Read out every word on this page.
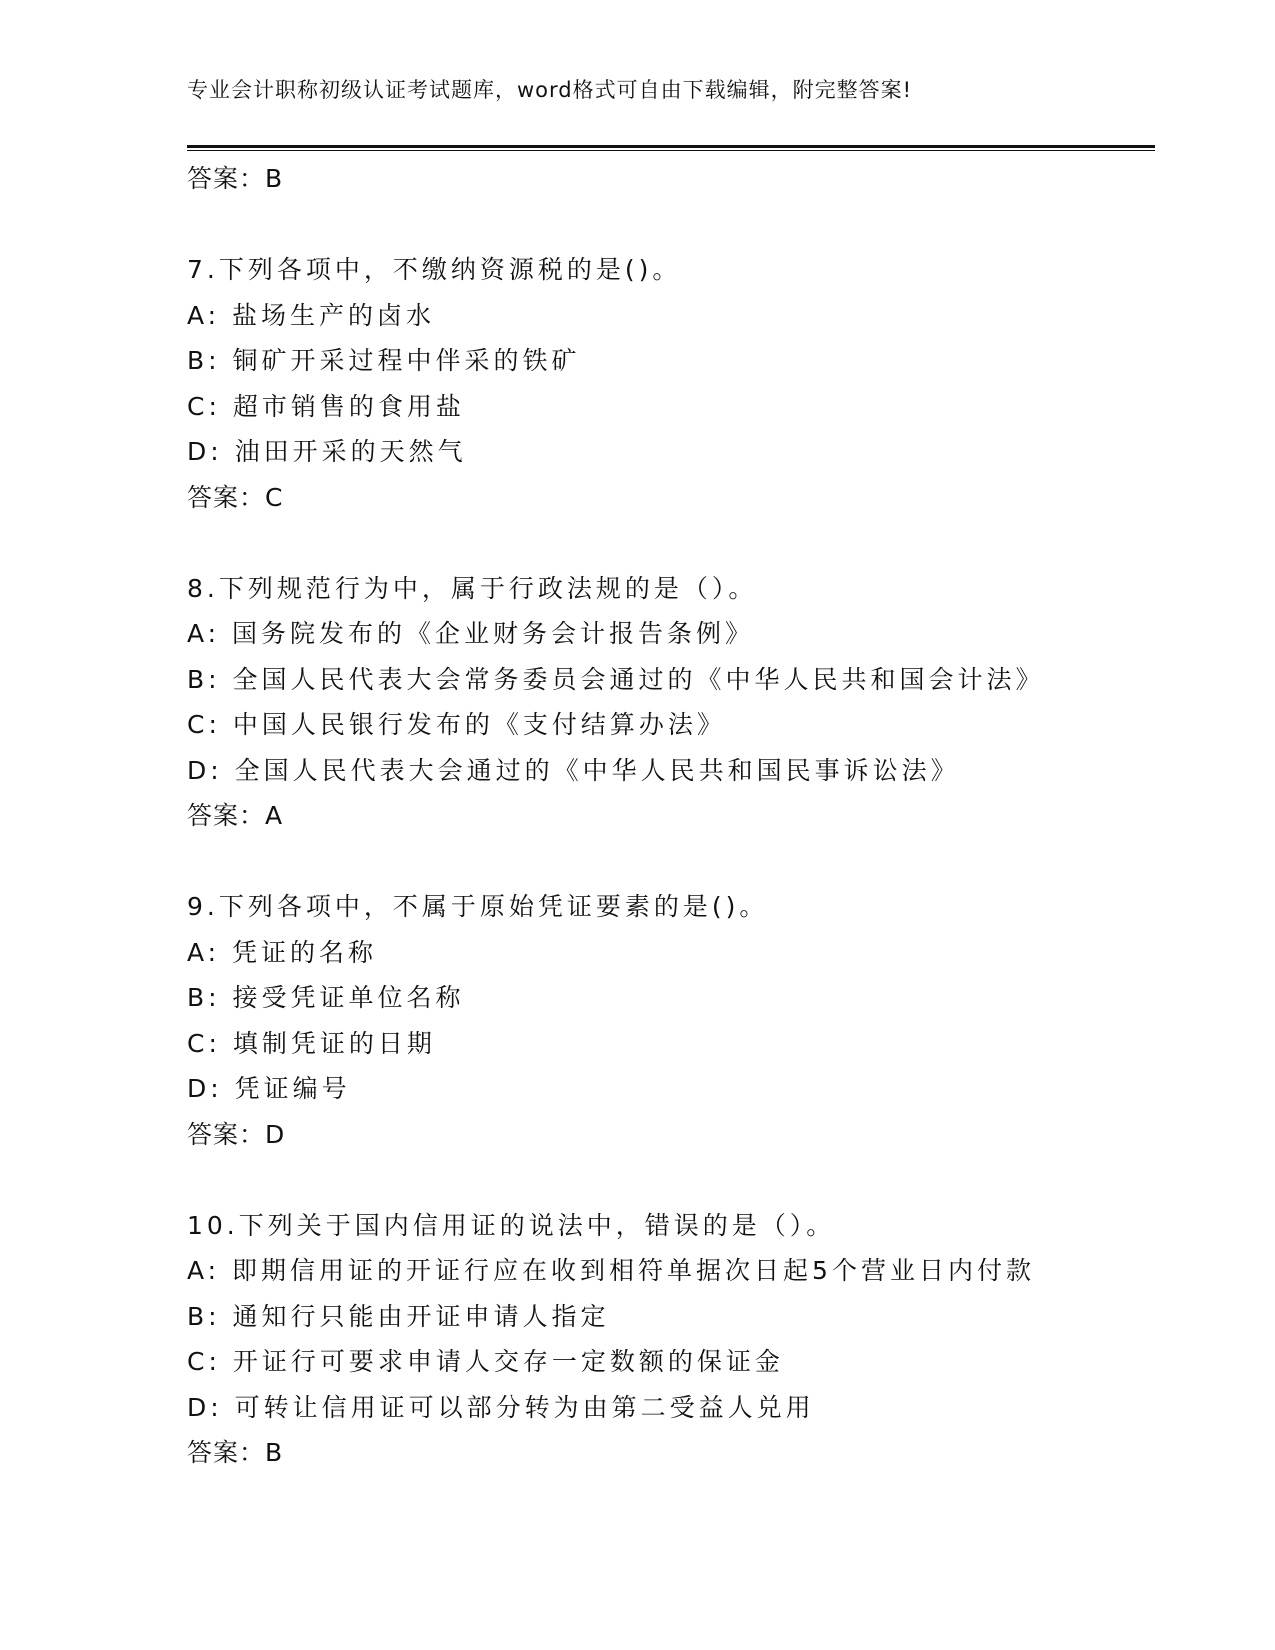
专业会计职称初级认证考试题库，word格式可自由下载编辑，附完整答案!
答案：B
7.下列各项中，不缴纳资源税的是()。
A: 盐场生产的卤水
B: 铜矿开采过程中伴采的铁矿
C: 超市销售的食用盐
D: 油田开采的天然气
答案：C
8.下列规范行为中，属于行政法规的是（）。
A: 国务院发布的《企业财务会计报告条例》
B: 全国人民代表大会常务委员会通过的《中华人民共和国会计法》
C: 中国人民银行发布的《支付结算办法》
D: 全国人民代表大会通过的《中华人民共和国民事诉讼法》
答案：A
9.下列各项中，不属于原始凭证要素的是()。
A: 凭证的名称
B: 接受凭证单位名称
C: 填制凭证的日期
D: 凭证编号
答案：D
10.下列关于国内信用证的说法中，错误的是（）。
A: 即期信用证的开证行应在收到相符单据次日起5个营业日内付款
B: 通知行只能由开证申请人指定
C: 开证行可要求申请人交存一定数额的保证金
D: 可转让信用证可以部分转为由第二受益人兑用
答案：B
